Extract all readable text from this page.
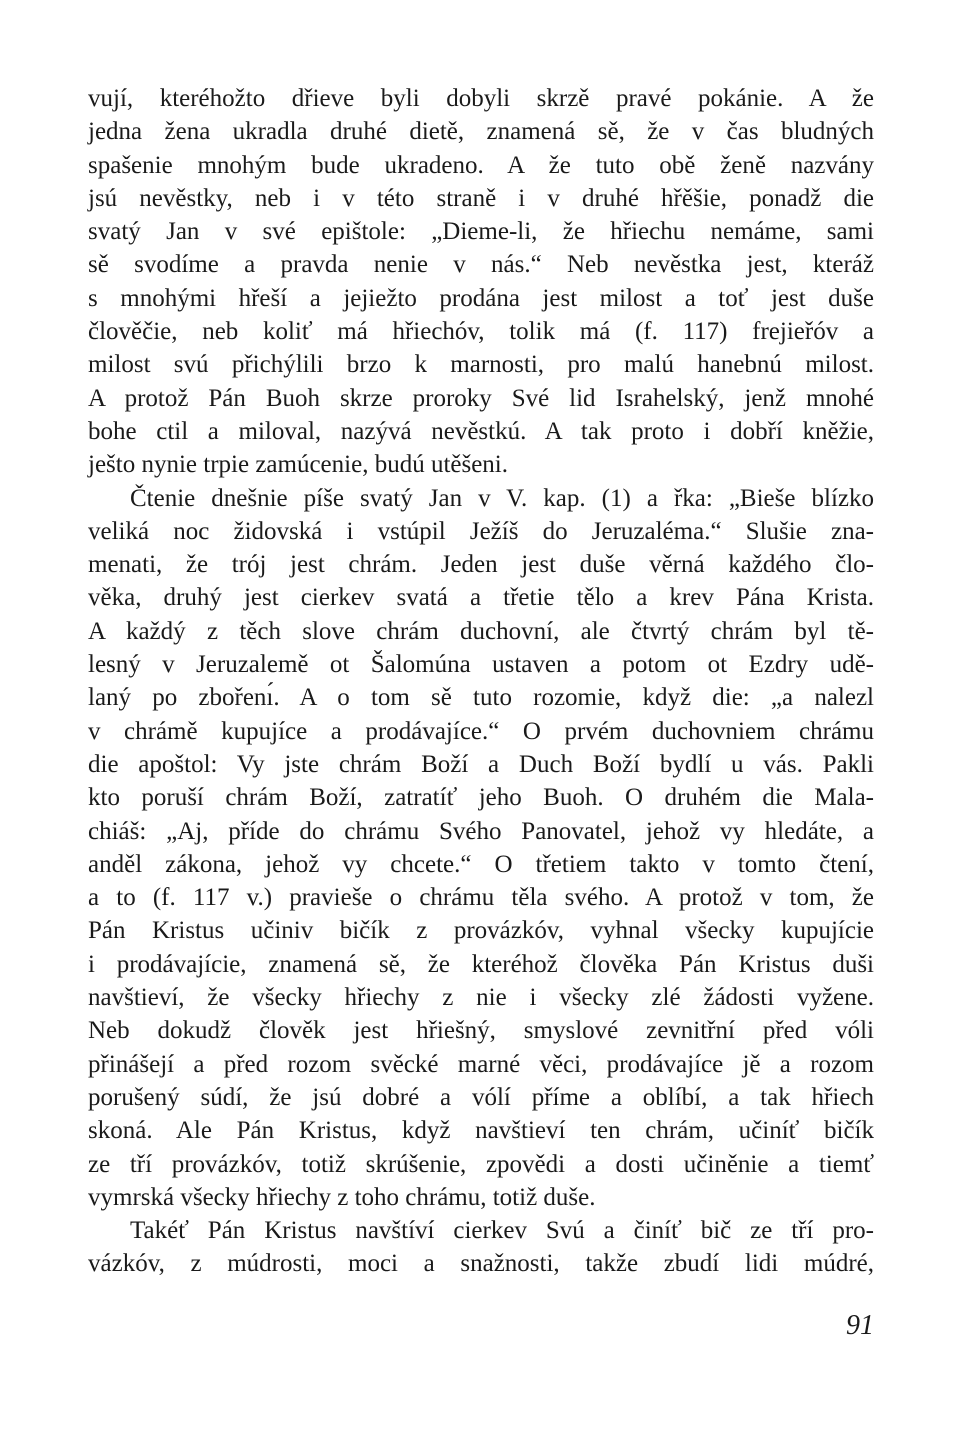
vují, kteréhožto dřieve byli dobyli skrzě pravé pokánie. A že
jedna žena ukradla druhé dietě, znamená sě, že v čas bludných
spašenie mnohým bude ukradeno. A že tuto obě ženě nazvány
jsú nevěstky, neb i v této straně i v druhé hřěšie, ponadž die
svatý Jan v své epištole: „Dieme-li, že hřiechu nemáme, sami
sě svodíme a pravda nenie v nás.“ Neb nevěstka jest, kteráž
s mnohými hřeší a jejiežto prodána jest milost a toť jest duše
člověčie, neb koliť má hřiechóv, tolik má (f. 117) frejieřóv a
milost svú přichýlili brzo k marnosti, pro malú hanebnú milost.
A protož Pán Buoh skrze proroky Své lid Israhelský, jenž mnohé
bohe ctil a miloval, nazývá nevěstkú. A tak proto i dobří kněžie,
ješto nynie trpie zamúcenie, budú utěšeni.
Čtenie dnešnie píše svatý Jan v V. kap. (1) a řka: „Bieše blízko
veliká noc židovská i vstúpil Ježíš do Jeruzaléma.“ Slušie zna-
menati, že trój jest chrám. Jeden jest duše věrná každého člo-
věka, druhý jest cierkev svatá a třetie tělo a krev Pána Krista.
A každý z těch slove chrám duchovní, ale čtvrtý chrám byl tě-
lesný v Jeruzalemě ot Šalomúna ustaven a potom ot Ezdry udě-
laný po zbořenı́. A o tom sě tuto rozomie, když die: „a nalezl
v chrámě kupujíce a prodávajíce.“ O prvém duchovniem chrámu
die apoštol: Vy jste chrám Boží a Duch Boží bydlí u vás. Pakli
kto poruší chrám Boží, zatratíť jeho Buoh. O druhém die Mala-
chiáš: „Aj, příde do chrámu Svého Panovatel, jehož vy hledáte, a
anděl zákona, jehož vy chcete.“ O třetiem takto v tomto čtení,
a to (f. 117 v.) pravieše o chrámu těla svého. A protož v tom, že
Pán Kristus učiniv bičík z provázkóv, vyhnal všecky kupujície
i prodávajície, znamená sě, že kteréhož člověka Pán Kristus duši
navštieví, že všecky hřiechy z nie i všecky zlé žádosti vyžene.
Neb dokudž člověk jest hřiešný, smyslové zevnitřní před vóli
přinášejí a před rozom svěcké marné věci, prodávajíce jě a rozom
porušený súdí, že jsú dobré a vólí příme a oblíbí, a tak hřiech
skoná. Ale Pán Kristus, když navštieví ten chrám, učiníť bičík
ze tří provázkóv, totiž skrúšenie, zpovědi a dosti učiněnie a tiemť
vymrská všecky hřiechy z toho chrámu, totiž duše.
Takéť Pán Kristus navštíví cierkev Svú a činíť bič ze tří pro-
vázkóv, z múdrosti, moci a snažnosti, takže zbudí lidi múdré,
91
